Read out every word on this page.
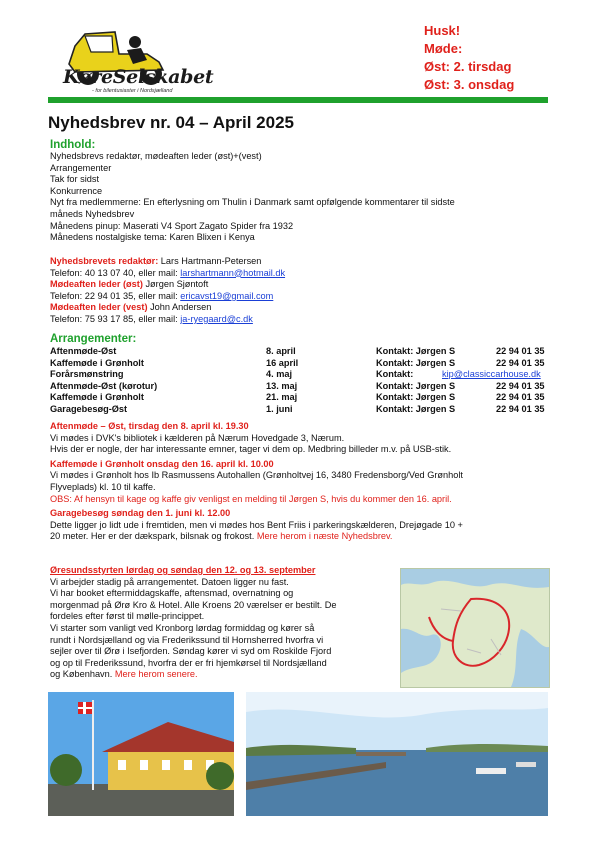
KøreSelskabet
- for bilentusiaster i Nordsjælland
Husk!
Møde:
Øst: 2. tirsdag
Øst: 3. onsdag
Nyhedsbrev nr. 04 – April 2025
Indhold:
Nyhedsbrevs redaktør, mødeaften leder (øst)+(vest)
Arrangementer
Tak for sidst
Konkurrence
Nyt fra medlemmerne: En efterlysning om Thulin i Danmark samt opfølgende kommentarer til sidste
måneds Nyhedsbrev
Månedens pinup: Maserati V4 Sport Zagato Spider fra 1932
Månedens nostalgiske tema: Karen Blixen i Kenya
Nyhedsbrevets redaktør: Lars Hartmann-Petersen
Telefon: 40 13 07 40, eller mail: larshartmann@hotmail.dk
Mødeaften leder (øst) Jørgen Sjøntoft
Telefon: 22 94 01 35, eller mail: ericavst19@gmail.com
Mødeaften leder (vest) John Andersen
Telefon: 75 93 17 85, eller mail: ja-ryegaard@c.dk
Arrangementer:
Aftenmøde-Øst	8. april	Kontakt: Jørgen S	22 94 01 35
Kaffemøde i Grønholt	16 april	Kontakt: Jørgen S	22 94 01 35
Forårsmønstring	4. maj	Kontakt:	kip@classiccarhouse.dk
Aftenmøde-Øst (kørotur)	13. maj	Kontakt: Jørgen S	22 94 01 35
Kaffemøde i Grønholt	21. maj	Kontakt: Jørgen S	22 94 01 35
Garagebesøg-Øst	1. juni	Kontakt: Jørgen S	22 94 01 35
Aftenmøde – Øst, tirsdag den 8. april kl. 19.30
Vi mødes i DVK's bibliotek i kælderen på Nærum Hovedgade 3, Nærum.
Hvis der er nogle, der har interessante emner, tager vi dem op. Medbring billeder m.v. på USB-stik.
Kaffemøde i Grønholt onsdag den 16. april kl. 10.00
Vi mødes i Grønholt hos Ib Rasmussens Autohallen (Grønholtvej 16, 3480 Fredensborg/Ved Grønholt
Flyveplads) kl. 10 til kaffe.
OBS: Af hensyn til kage og kaffe giv venligst en melding til Jørgen S, hvis du kommer den 16. april.
Garagebesøg søndag den 1. juni kl. 12.00
Dette ligger jo lidt ude i fremtiden, men vi mødes hos Bent Friis i parkeringskælderen, Drejøgade 10 +
20 meter. Her er der dækspark, bilsnak og frokost. Mere herom i næste Nyhedsbrev.
Øresundsstyrten lørdag og søndag den 12. og 13. september
Vi arbejder stadig på arrangementet. Datoen ligger nu fast.
Vi har booket eftermiddagskaffe, aftensmad, overnatning og
morgenmad på Ørø Kro & Hotel. Alle Kroens 20 værelser er bestilt. De
fordeles efter først til mølle-princippet.
Vi starter som vanligt ved Kronborg lørdag formiddag og kører så
rundt i Nordsjælland og via Frederikssund til Hornsherred hvorfra vi
sejler over til Ørø i Isefjorden. Søndag kører vi syd om Roskilde Fjord
og op til Frederikssund, hvorfra der er fri hjemkørsel til Nordsjælland
og København. Mere herom senere.
